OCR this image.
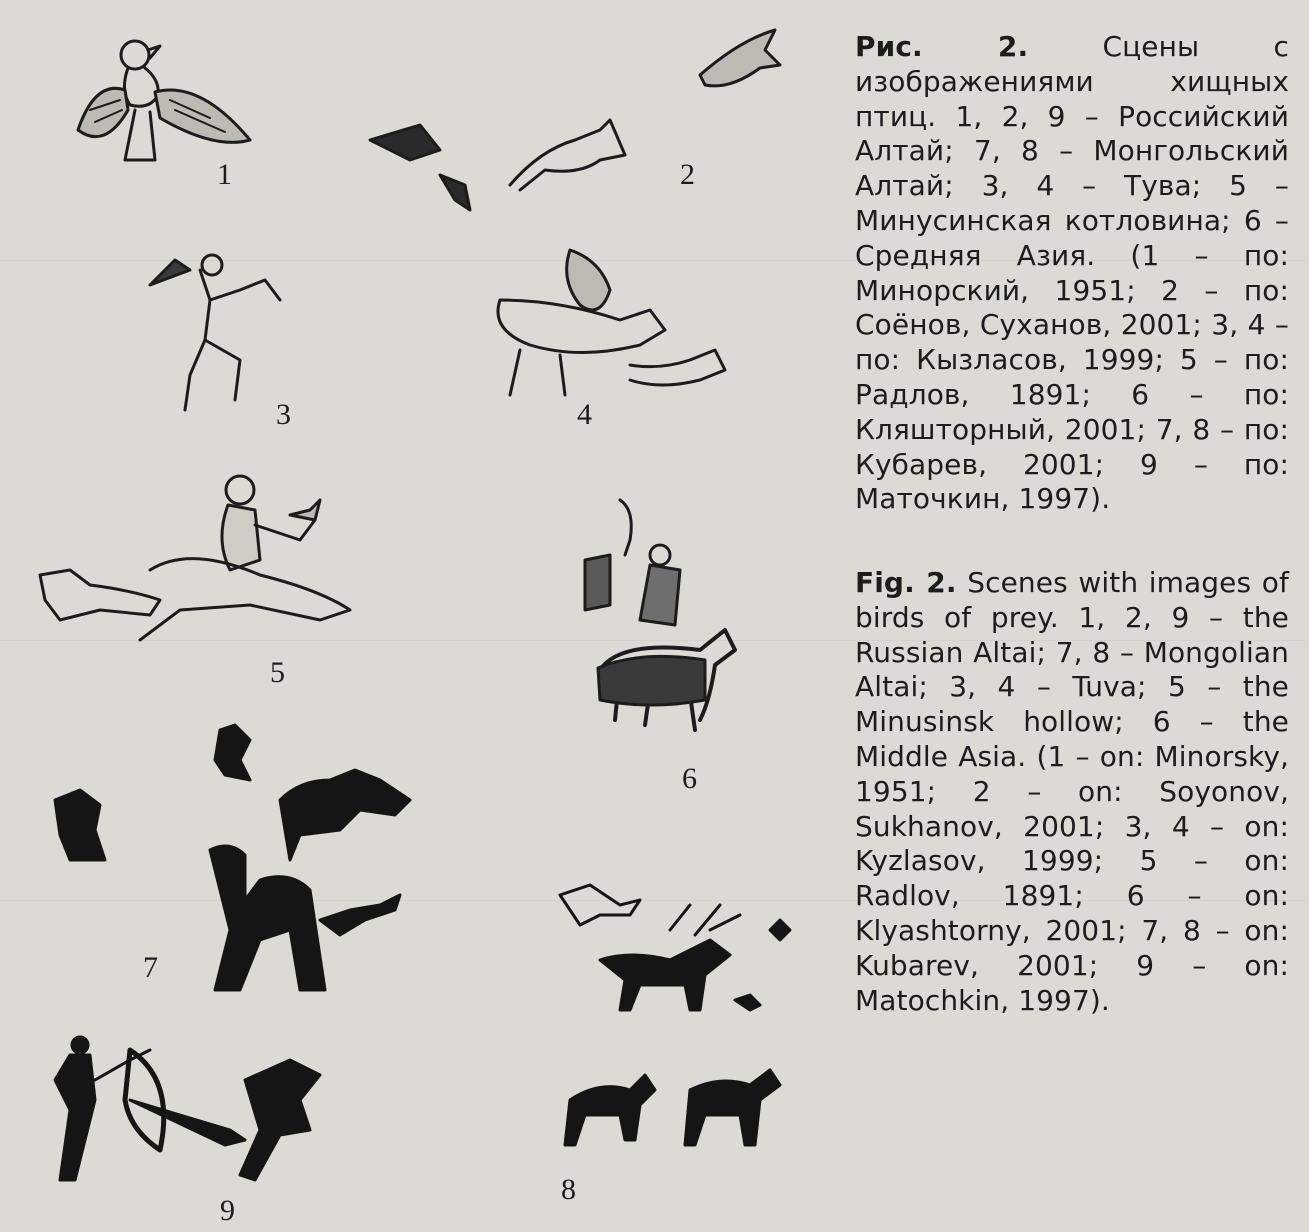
1	2
3	4
5
6
7
8
9
Рис. 2.	Сцены с изображениями хищных птиц. 1, 2, 9 – Российский Алтай; 7, 8 – Монгольский Алтай; 3, 4 – Тува; 5 – Минусинская котловина; 6 – Средняя Азия. (1 – по: Минорский, 1951; 2 – по: Соёнов, Суханов, 2001; 3, 4 – по: Кызласов, 1999; 5 – по: Радлов, 1891; 6 – по: Кляшторный, 2001; 7, 8 – по: Кубарев, 2001; 9 – по: Маточкин, 1997).
Fig. 2. Scenes with images of birds of prey. 1, 2, 9 – the Russian Altai; 7, 8 – Mongolian Altai; 3, 4 – Tuva; 5 – the Minusinsk hollow; 6 – the Middle Asia. (1 – on: Minorsky, 1951; 2 – on: Soyonov, Sukhanov, 2001; 3, 4 – on: Kyzlasov, 1999; 5 – on: Radlov, 1891; 6 – on: Klyashtorny, 2001; 7, 8 – on: Kubarev, 2001; 9 – on: Matochkin, 1997).
